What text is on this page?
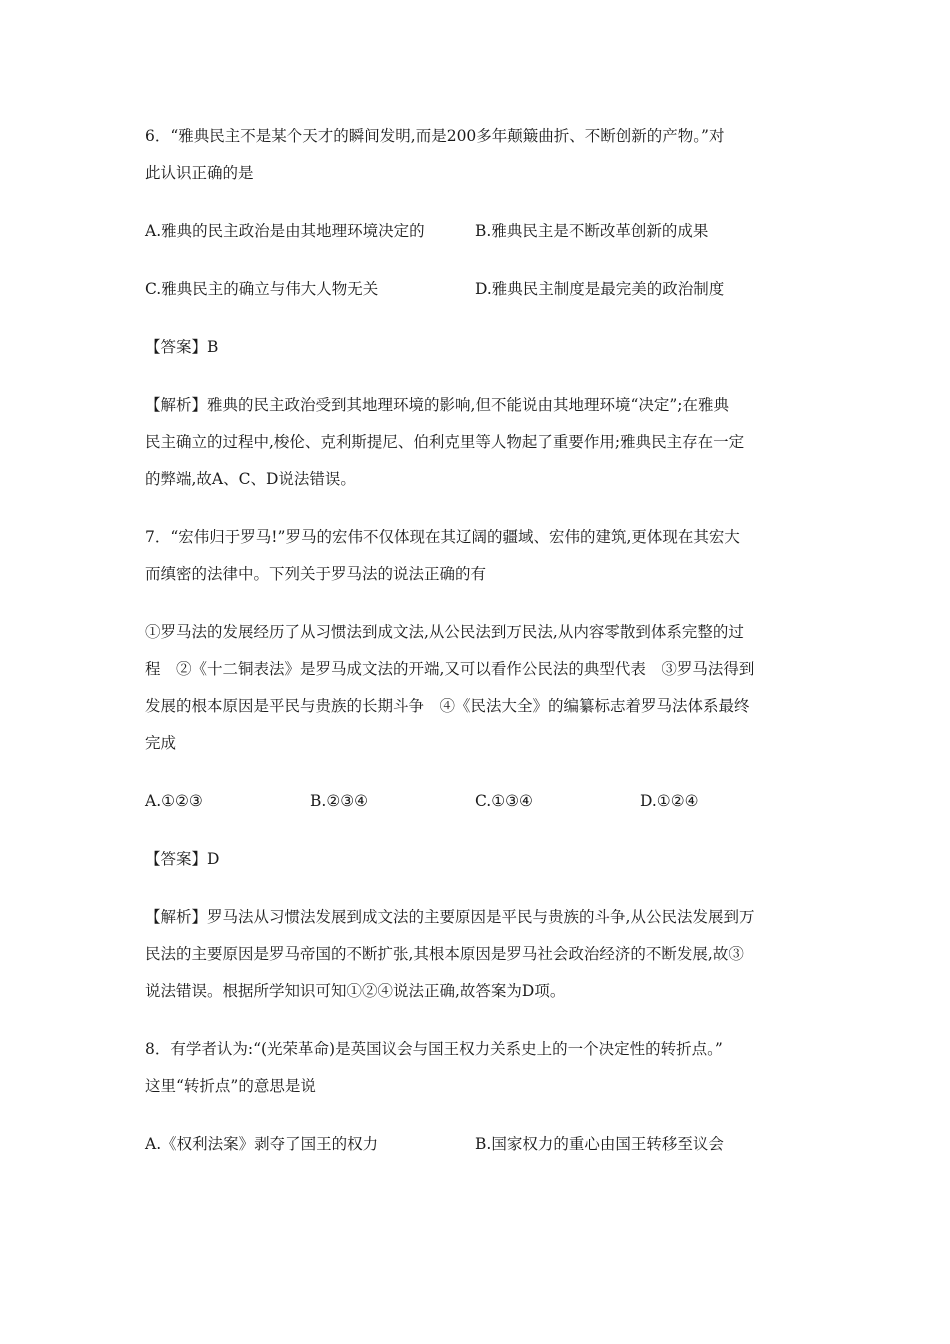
6．“雅典民主不是某个天才的瞬间发明,而是200多年颠簸曲折、不断创新的产物。”对
此认识正确的是
A.雅典的民主政治是由其地理环境决定的	B.雅典民主是不断改革创新的成果
C.雅典民主的确立与伟大人物无关	D.雅典民主制度是最完美的政治制度
【答案】B
【解析】雅典的民主政治受到其地理环境的影响,但不能说由其地理环境“决定”;在雅典
民主确立的过程中,梭伦、克利斯提尼、伯利克里等人物起了重要作用;雅典民主存在一定
的弊端,故A、C、D说法错误。
7．“宏伟归于罗马!”罗马的宏伟不仅体现在其辽阔的疆域、宏伟的建筑,更体现在其宏大
而缜密的法律中。下列关于罗马法的说法正确的有
①罗马法的发展经历了从习惯法到成文法,从公民法到万民法,从内容零散到体系完整的过
程　②《十二铜表法》是罗马成文法的开端,又可以看作公民法的典型代表　③罗马法得到
发展的根本原因是平民与贵族的长期斗争　④《民法大全》的编纂标志着罗马法体系最终
完成
A.①②③	B.②③④	C.①③④	D.①②④
【答案】D
【解析】罗马法从习惯法发展到成文法的主要原因是平民与贵族的斗争,从公民法发展到万
民法的主要原因是罗马帝国的不断扩张,其根本原因是罗马社会政治经济的不断发展,故③
说法错误。根据所学知识可知①②④说法正确,故答案为D项。
8．有学者认为:“(光荣革命)是英国议会与国王权力关系史上的一个决定性的转折点。”
这里“转折点”的意思是说
A.《权利法案》剥夺了国王的权力	B.国家权力的重心由国王转移至议会
